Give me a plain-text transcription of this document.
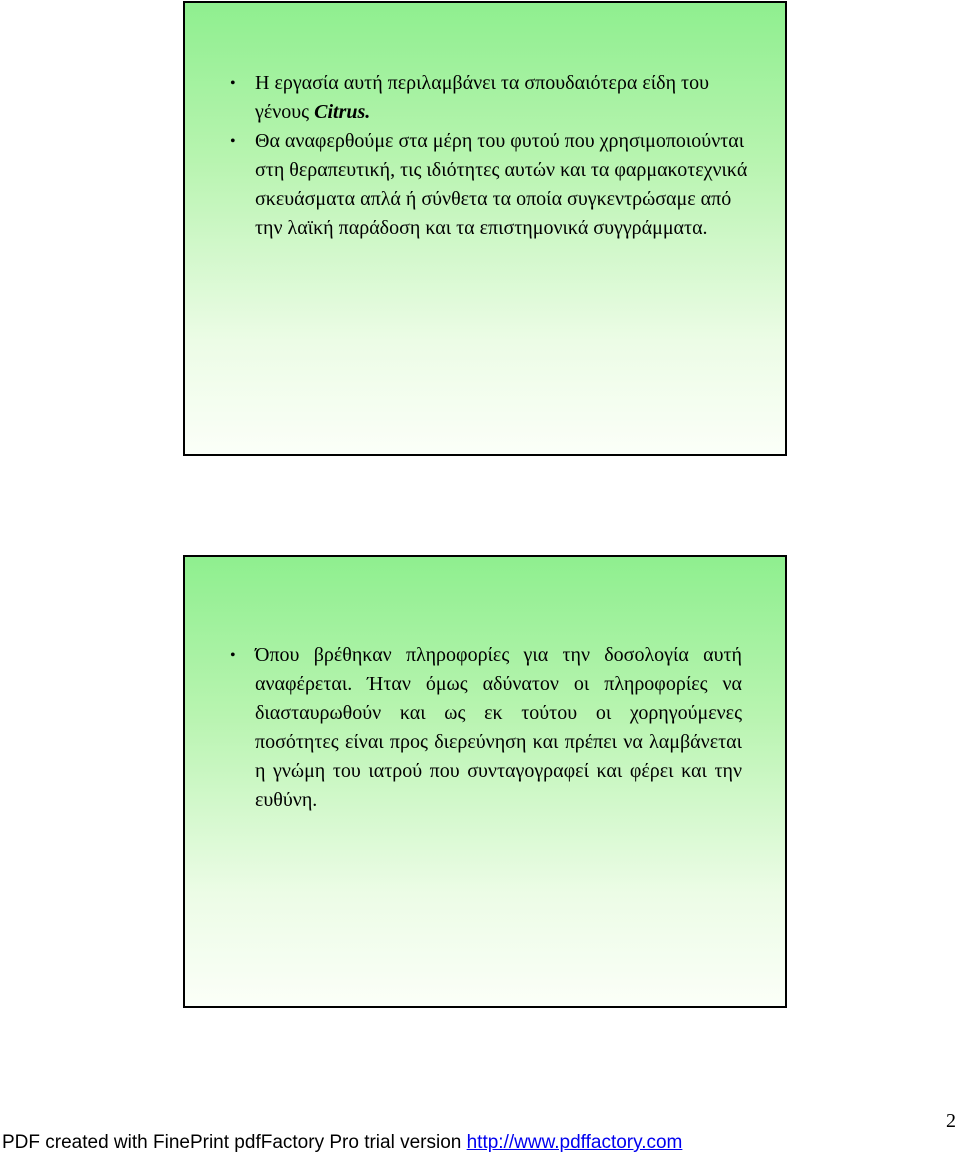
• Η εργασία αυτή περιλαμβάνει τα σπουδαιότερα είδη του γένους Citrus.
• Θα αναφερθούμε στα μέρη του φυτού που χρησιμοποιούνται στη θεραπευτική, τις ιδιότητες αυτών και τα φαρμακοτεχνικά σκευάσματα απλά ή σύνθετα τα οποία συγκεντρώσαμε από την λαϊκή παράδοση και τα επιστημονικά συγγράμματα.
• Όπου βρέθηκαν πληροφορίες για την δοσολογία αυτή αναφέρεται. Ήταν όμως αδύνατον οι πληροφορίες να διασταυρωθούν και ως εκ τούτου οι χορηγούμενες ποσότητες είναι προς διερεύνηση και πρέπει να λαμβάνεται η γνώμη του ιατρού που συνταγογραφεί και φέρει και την ευθύνη.
2
PDF created with FinePrint pdfFactory Pro trial version http://www.pdffactory.com
